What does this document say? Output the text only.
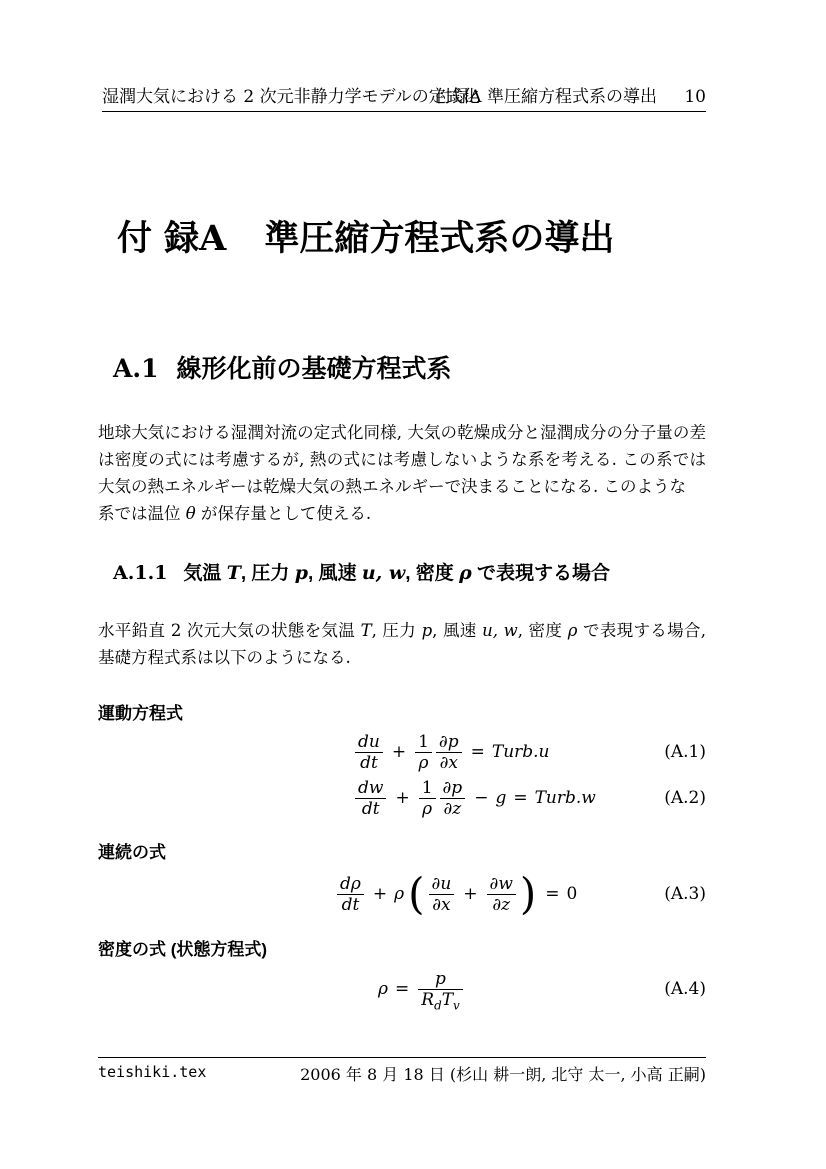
湿潤大気における 2 次元非静力学モデルの定式化
付録A 準圧縮方程式系の導出 10
付 録A 準圧縮方程式系の導出
A.1 線形化前の基礎方程式系
地球大気における湿潤対流の定式化同様, 大気の乾燥成分と湿潤成分の分子量の差
は密度の式には考慮するが, 熱の式には考慮しないような系を考える. この系では
大気の熱エネルギーは乾燥大気の熱エネルギーで決まることになる. このような
系では温位 θ が保存量として使える.
A.1.1 気温 T, 圧力 p, 風速 u, w, 密度 ρ で表現する場合
水平鉛直 2 次元大気の状態を気温 T, 圧力 p, 風速 u, w, 密度 ρ で表現する場合,
基礎方程式系は以下のようになる.
運動方程式
$\frac{du}{dt} + \frac{1}{\rho} \frac{\partial p}{\partial x}$ = Turb.u	(A.1)
$\frac{dw}{dt} + \frac{1}{\rho} \frac{\partial p}{\partial z} - g$ = Turb.w	(A.2)
連続の式
$\frac{d\rho}{dt} + \rho$ ( $\frac{\partial u}{\partial x} + \frac{\partial w}{\partial z}$ ) = 0	(A.3)
密度の式 (状態方程式)
$\rho = \frac{p}{R_dT_v}$	(A.4)
teishiki.tex	2006 年 8 月 18 日 (杉山 耕一朗, 北守 太一, 小高 正嗣)
